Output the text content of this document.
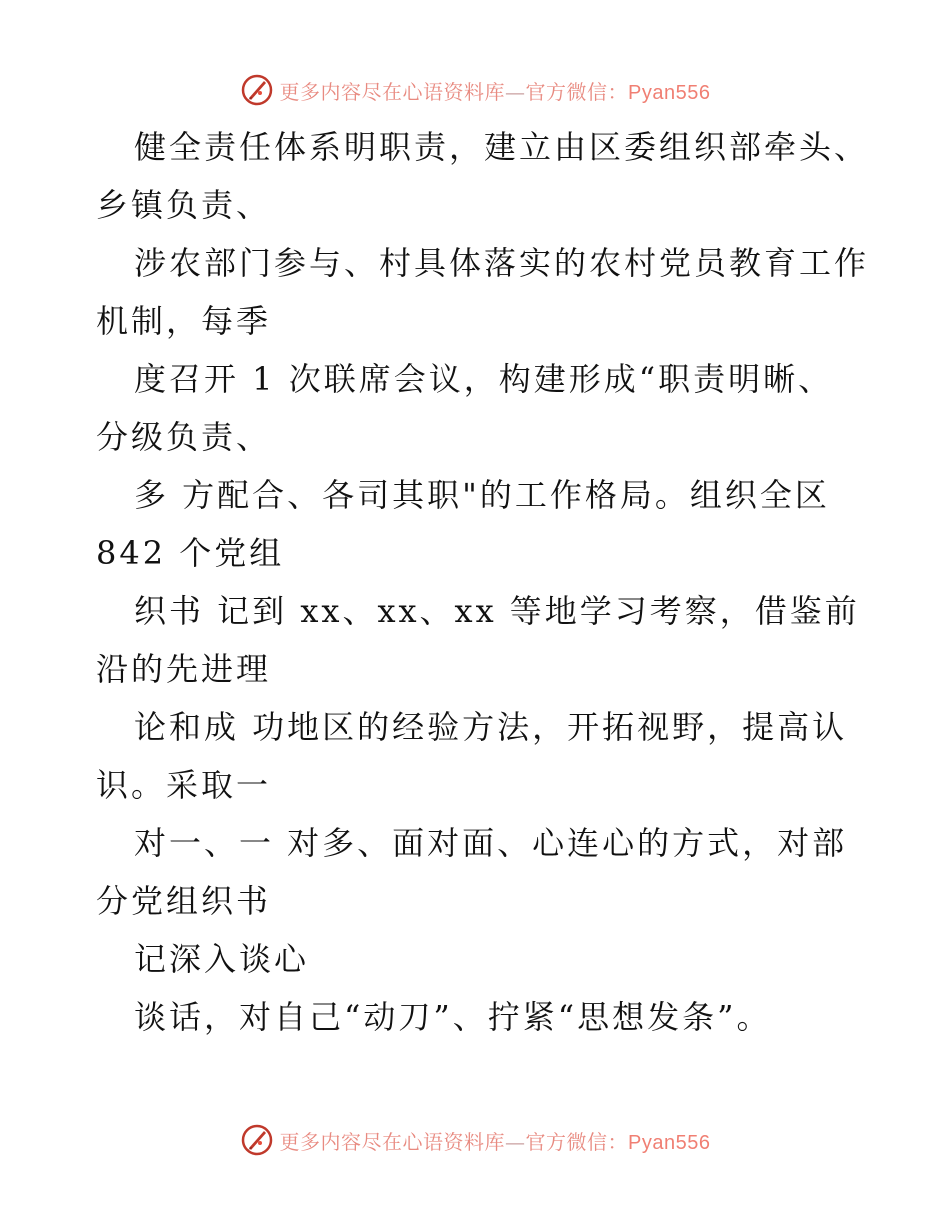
更多内容尽在心语资料库—官方微信：Pyan556

健全责任体系明职责，建立由区委组织部牵头、

乡镇负责、

涉农部门参与、村具体落实的农村党员教育工作

机制，每季

度召开 1 次联席会议，构建形成“职责明晰、

分级负责、

多 方配合、各司其职"的工作格局。组织全区

842 个党组

织书 记到 xx、xx、xx 等地学习考察，借鉴前

沿的先进理

论和成 功地区的经验方法，开拓视野，提高认

识。采取一

对一、一 对多、面对面、心连心的方式，对部

分党组织书

记深入谈心

谈话，对自己“动刀”、拧紧“思想发条”。

更多内容尽在心语资料库—官方微信：Pyan556
